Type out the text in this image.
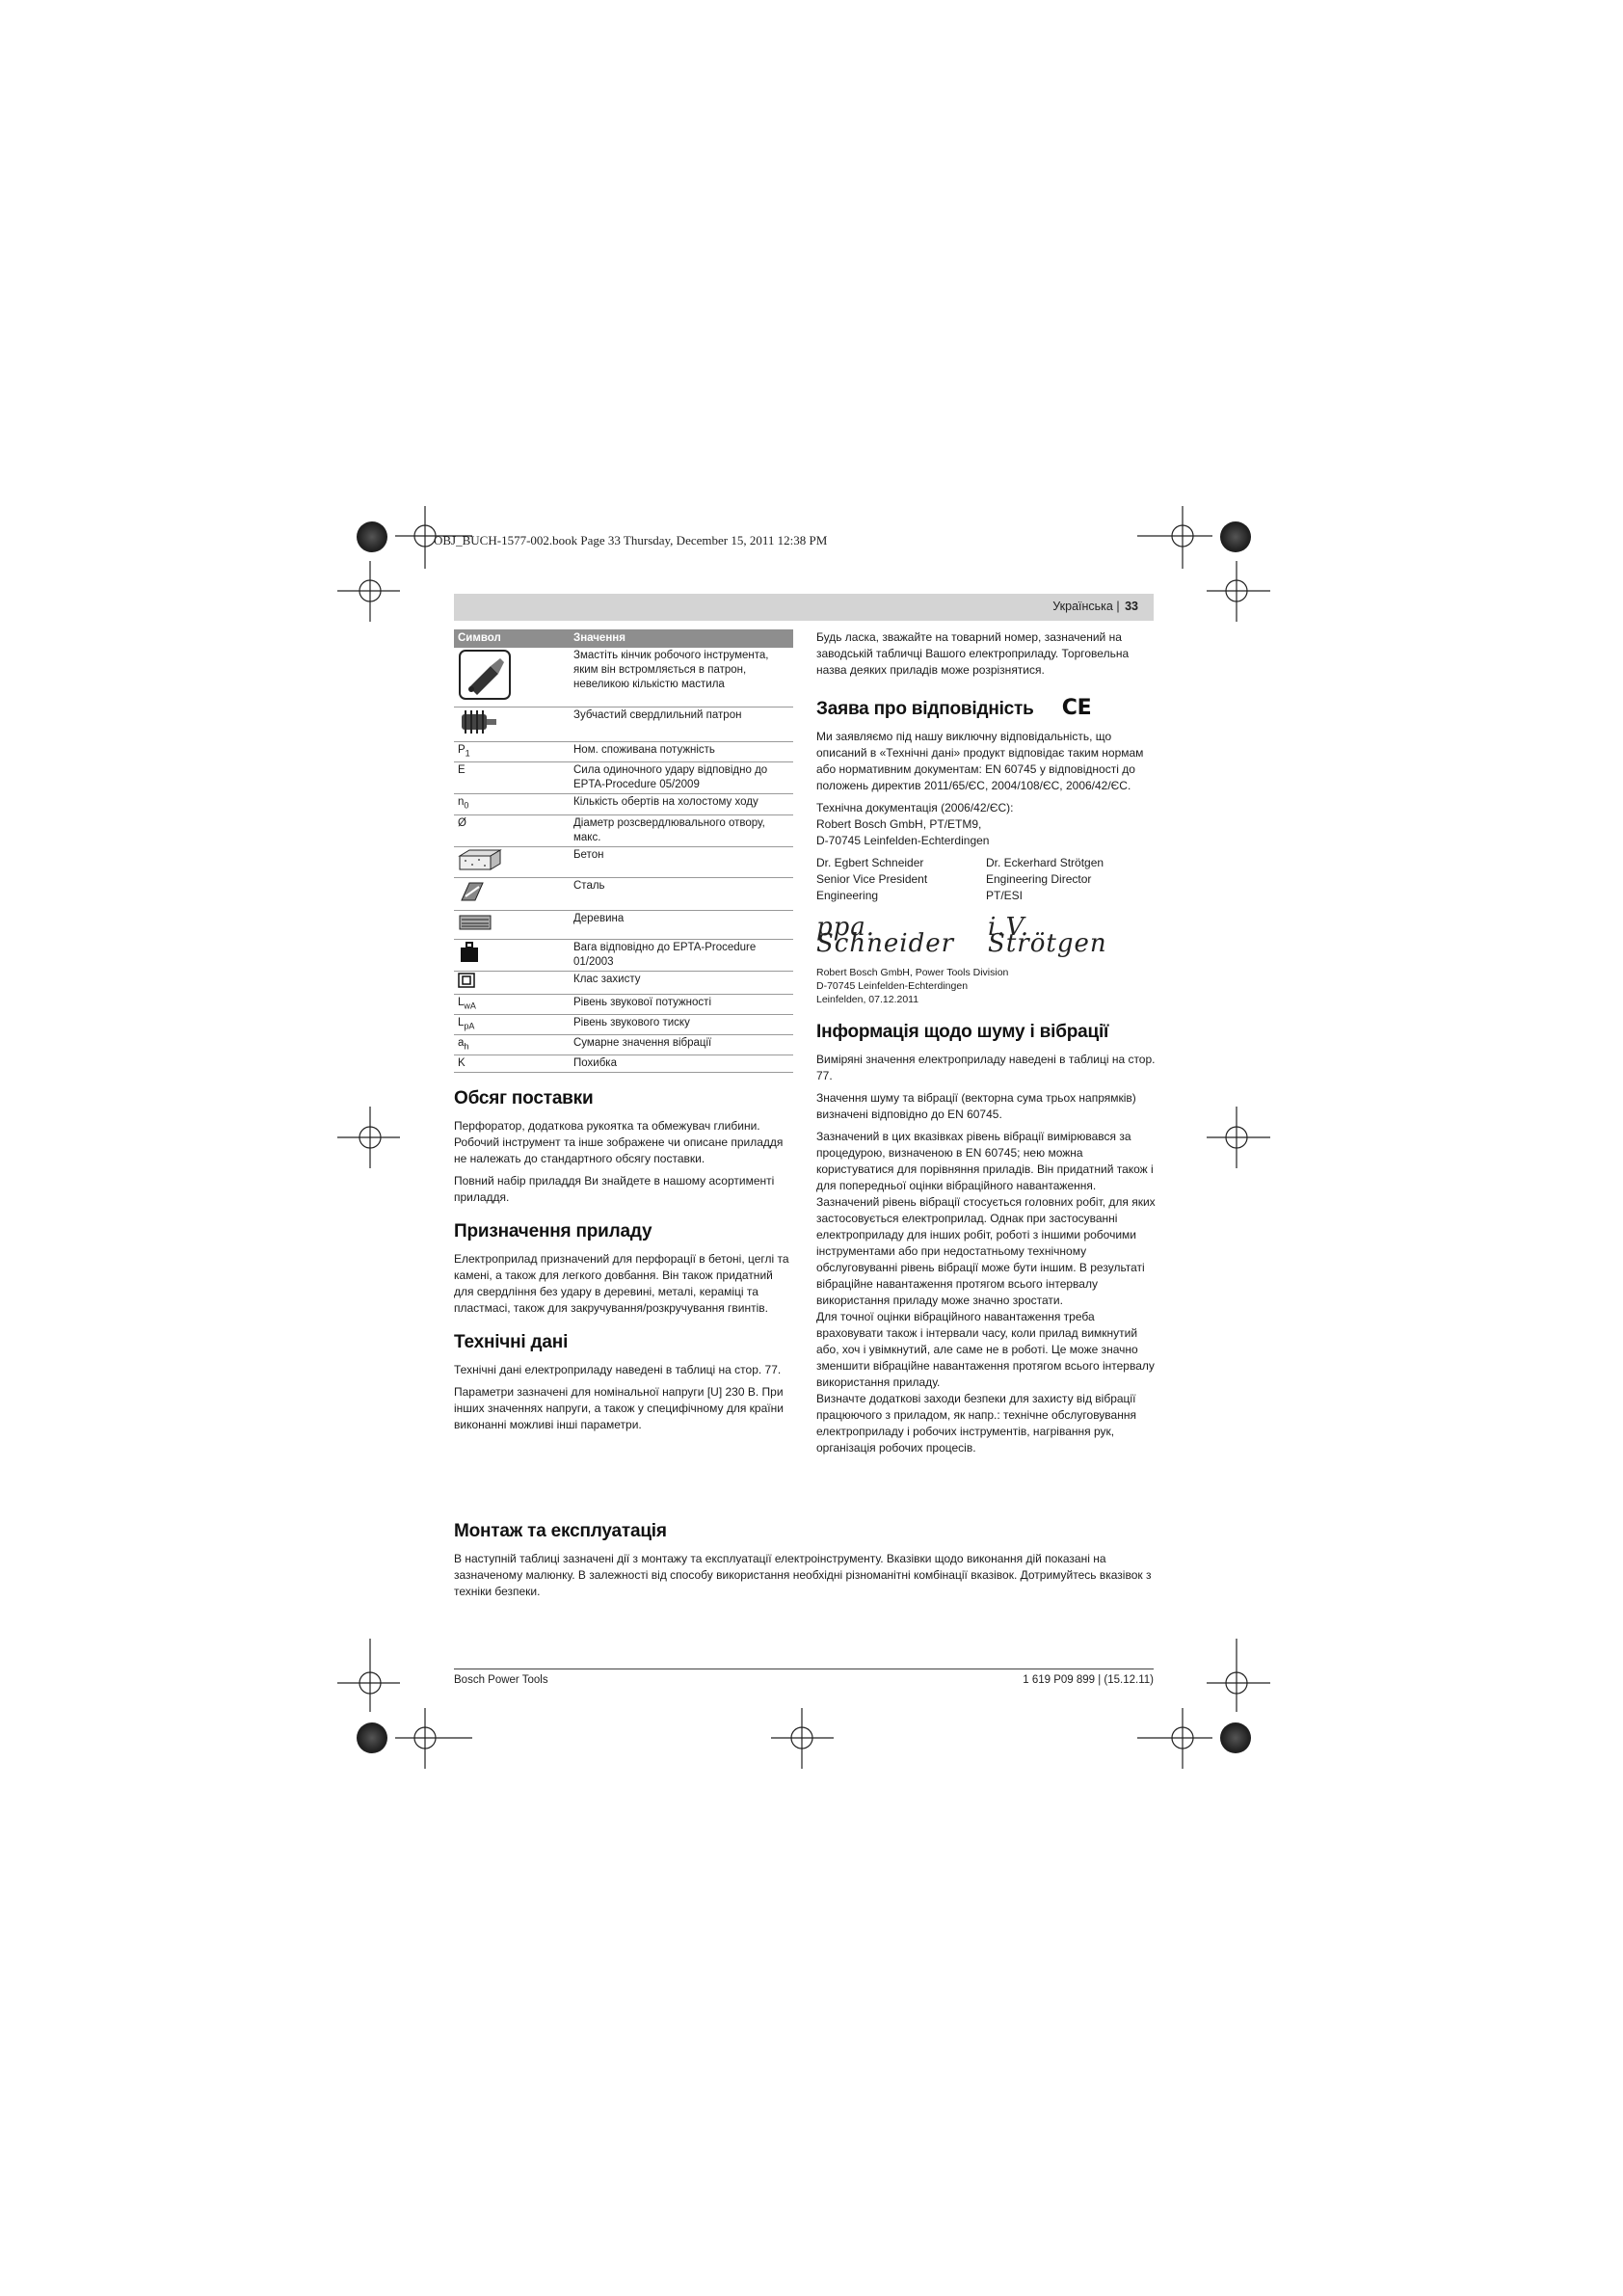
OBJ_BUCH-1577-002.book Page 33 Thursday, December 15, 2011 12:38 PM
Українська | 33
Символ	Значення
	Змастіть кінчик робочого інструмента, яким він встромляється в патрон, невеликою кількістю мастила
	Зубчастий свердлильний патрон
$P_1$	Ном. споживана потужність
E	Сила одиночного удару відповідно до EPTA-Procedure 05/2009
$n_0$	Кількість обертів на холостому ходу
Ø	Діаметр розсвердлювального отвору, макс.
	Бетон
	Сталь
	Деревина
	Вага відповідно до EPTA-Procedure 01/2003
	Клас захисту
$L_{wA}$	Рівень звукової потужності
$L_{pA}$	Рівень звукового тиску
$a_h$	Сумарне значення вібрації
K	Похибка
Обсяг поставки

Перфоратор, додаткова рукоятка та обмежувач глибини. Робочий інструмент та інше зображене чи описане приладдя не належать до стандартного обсягу поставки.

Повний набір приладдя Ви знайдете в нашому асортименті приладдя.

Призначення приладу

Електроприлад призначений для перфорації в бетоні, цеглі та камені, а також для легкого довбання. Він також придатний для свердління без удару в деревині, металі, кераміці та пластмасі, також для закручування/розкручування гвинтів.

Технічні дані

Технічні дані електроприладу наведені в таблиці на стор. 77.

Параметри зазначені для номінальної напруги [U] 230 В. При інших значеннях напруги, а також у специфічному для країни виконанні можливі інші параметри.

Будь ласка, зважайте на товарний номер, зазначений на заводській табличці Вашого електроприладу. Торговельна назва деяких приладів може розрізнятися.

Заява про відповідність CE

Ми заявляємо під нашу виключну відповідальність, що описаний в «Технічні дані» продукт відповідає таким нормам або нормативним документам: EN 60745 у відповідності до положень директив 2011/65/ЄС, 2004/108/ЄС, 2006/42/ЄС.

Технічна документація (2006/42/ЄС):
Robert Bosch GmbH, PT/ETM9,
D-70745 Leinfelden-Echterdingen
Dr. Egbert Schneider
Senior Vice President
Engineering
Dr. Eckerhard Strötgen
Engineering Director
PT/ESI
ppa. Schneider
i.V. Strötgen
Robert Bosch GmbH, Power Tools Division
D-70745 Leinfelden-Echterdingen
Leinfelden, 07.12.2011
Інформація щодо шуму і вібрації

Виміряні значення електроприладу наведені в таблиці на стор. 77.

Значення шуму та вібрації (векторна сума трьох напрямків) визначені відповідно до EN 60745.

Зазначений в цих вказівках рівень вібрації вимірювався за процедурою, визначеною в EN 60745; нею можна користуватися для порівняння приладів. Він придатний також і для попередньої оцінки вібраційного навантаження. Зазначений рівень вібрації стосується головних робіт, для яких застосовується електроприлад. Однак при застосуванні електроприладу для інших робіт, роботі з іншими робочими інструментами або при недостатньому технічному обслуговуванні рівень вібрації може бути іншим. В результаті вібраційне навантаження протягом всього інтервалу використання приладу може значно зростати.

Для точної оцінки вібраційного навантаження треба враховувати також і інтервали часу, коли прилад вимкнутий або, хоч і увімкнутий, але саме не в роботі. Це може значно зменшити вібраційне навантаження протягом всього інтервалу використання приладу.

Визначте додаткові заходи безпеки для захисту від вібрації працюючого з приладом, як напр.: технічне обслуговування електроприладу і робочих інструментів, нагрівання рук, організація робочих процесів.

Монтаж та експлуатація

В наступній таблиці зазначені дії з монтажу та експлуатації електроінструменту. Вказівки щодо виконання дій показані на зазначеному малюнку. В залежності від способу використання необхідні різноманітні комбінації вказівок. Дотримуйтесь вказівок з техніки безпеки.

Bosch Power Tools	1 619 P09 899 | (15.12.11)
